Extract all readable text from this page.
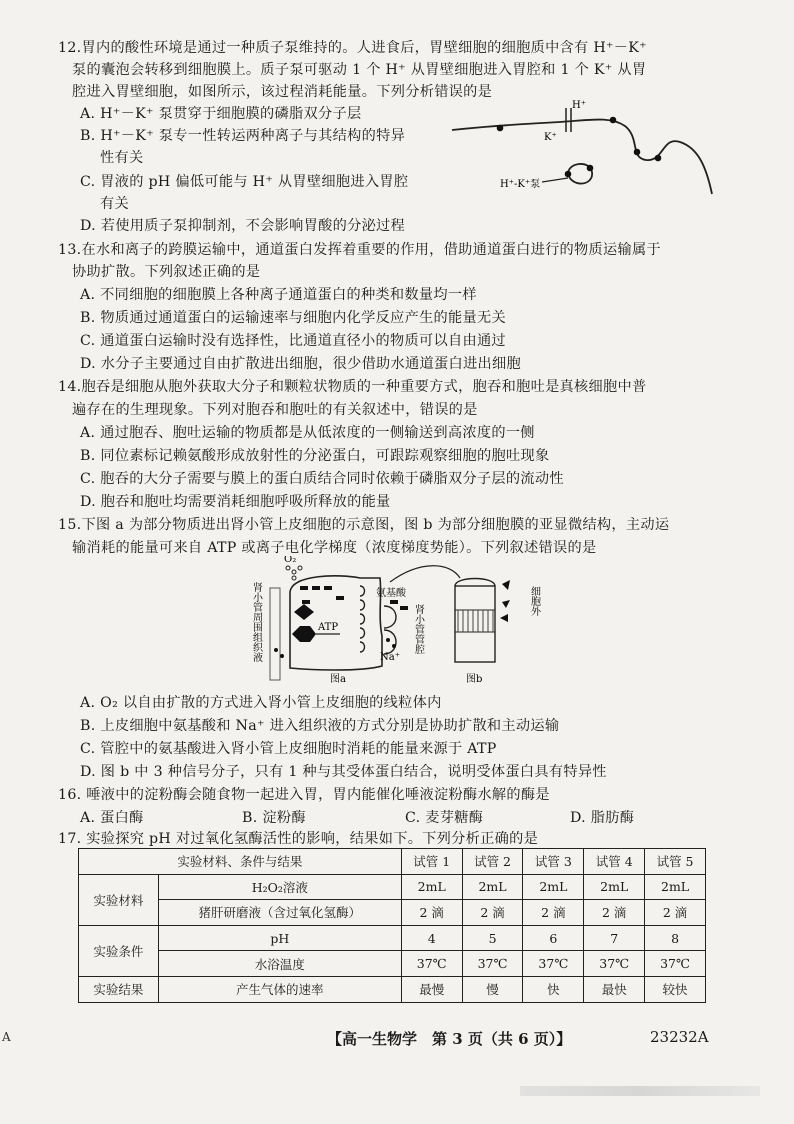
12.胃内的酸性环境是通过一种质子泵维持的。人进食后，胃壁细胞的细胞质中含有 H⁺－K⁺
泵的囊泡会转移到细胞膜上。质子泵可驱动 1 个 H⁺ 从胃壁细胞进入胃腔和 1 个 K⁺ 从胃
腔进入胃壁细胞，如图所示，该过程消耗能量。下列分析错误的是
A. H⁺－K⁺ 泵贯穿于细胞膜的磷脂双分子层
B. H⁺－K⁺ 泵专一性转运两种离子与其结构的特异
性有关
C. 胃液的 pH 偏低可能与 H⁺ 从胃壁细胞进入胃腔
有关
D. 若使用质子泵抑制剂，不会影响胃酸的分泌过程
13.在水和离子的跨膜运输中，通道蛋白发挥着重要的作用，借助通道蛋白进行的物质运输属于
协助扩散。下列叙述正确的是
A. 不同细胞的细胞膜上各种离子通道蛋白的种类和数量均一样
B. 物质通过通道蛋白的运输速率与细胞内化学反应产生的能量无关
C. 通道蛋白运输时没有选择性，比通道直径小的物质可以自由通过
D. 水分子主要通过自由扩散进出细胞，很少借助水通道蛋白进出细胞
14.胞吞是细胞从胞外获取大分子和颗粒状物质的一种重要方式，胞吞和胞吐是真核细胞中普
遍存在的生理现象。下列对胞吞和胞吐的有关叙述中，错误的是
A. 通过胞吞、胞吐运输的物质都是从低浓度的一侧输送到高浓度的一侧
B. 同位素标记赖氨酸形成放射性的分泌蛋白，可跟踪观察细胞的胞吐现象
C. 胞吞的大分子需要与膜上的蛋白质结合同时依赖于磷脂双分子层的流动性
D. 胞吞和胞吐均需要消耗细胞呼吸所释放的能量
15.下图 a 为部分物质进出肾小管上皮细胞的示意图，图 b 为部分细胞膜的亚显微结构，主动运
输消耗的能量可来自 ATP 或离子电化学梯度（浓度梯度势能）。下列叙述错误的是
A. O₂ 以自由扩散的方式进入肾小管上皮细胞的线粒体内
B. 上皮细胞中氨基酸和 Na⁺ 进入组织液的方式分别是协助扩散和主动运输
C. 管腔中的氨基酸进入肾小管上皮细胞时消耗的能量来源于 ATP
D. 图 b 中 3 种信号分子，只有 1 种与其受体蛋白结合，说明受体蛋白具有特异性
16. 唾液中的淀粉酶会随食物一起进入胃，胃内能催化唾液淀粉酶水解的酶是
A. 蛋白酶	B. 淀粉酶	C. 麦芽糖酶	D. 脂肪酶
17. 实验探究 pH 对过氧化氢酶活性的影响，结果如下。下列分析正确的是
H⁺
K⁺
H⁺-K⁺泵
O₂
ATP
氨基酸
Na⁺
图a	图b
肾小管周围组织液	肾小管管腔
细胞外
实验材料、条件与结果		试管 1	试管 2	试管 3	试管 4	试管 5
实验材料	H₂O₂溶液	2mL	2mL	2mL	2mL	2mL
	猪肝研磨液（含过氧化氢酶）	2 滴	2 滴	2 滴	2 滴	2 滴
实验条件	pH	4	5	6	7	8
	水浴温度	37℃	37℃	37℃	37℃	37℃
实验结果	产生气体的速率	最慢	慢	快	最快	较快
【高一生物学　第 3 页（共 6 页）】	23232A
A
